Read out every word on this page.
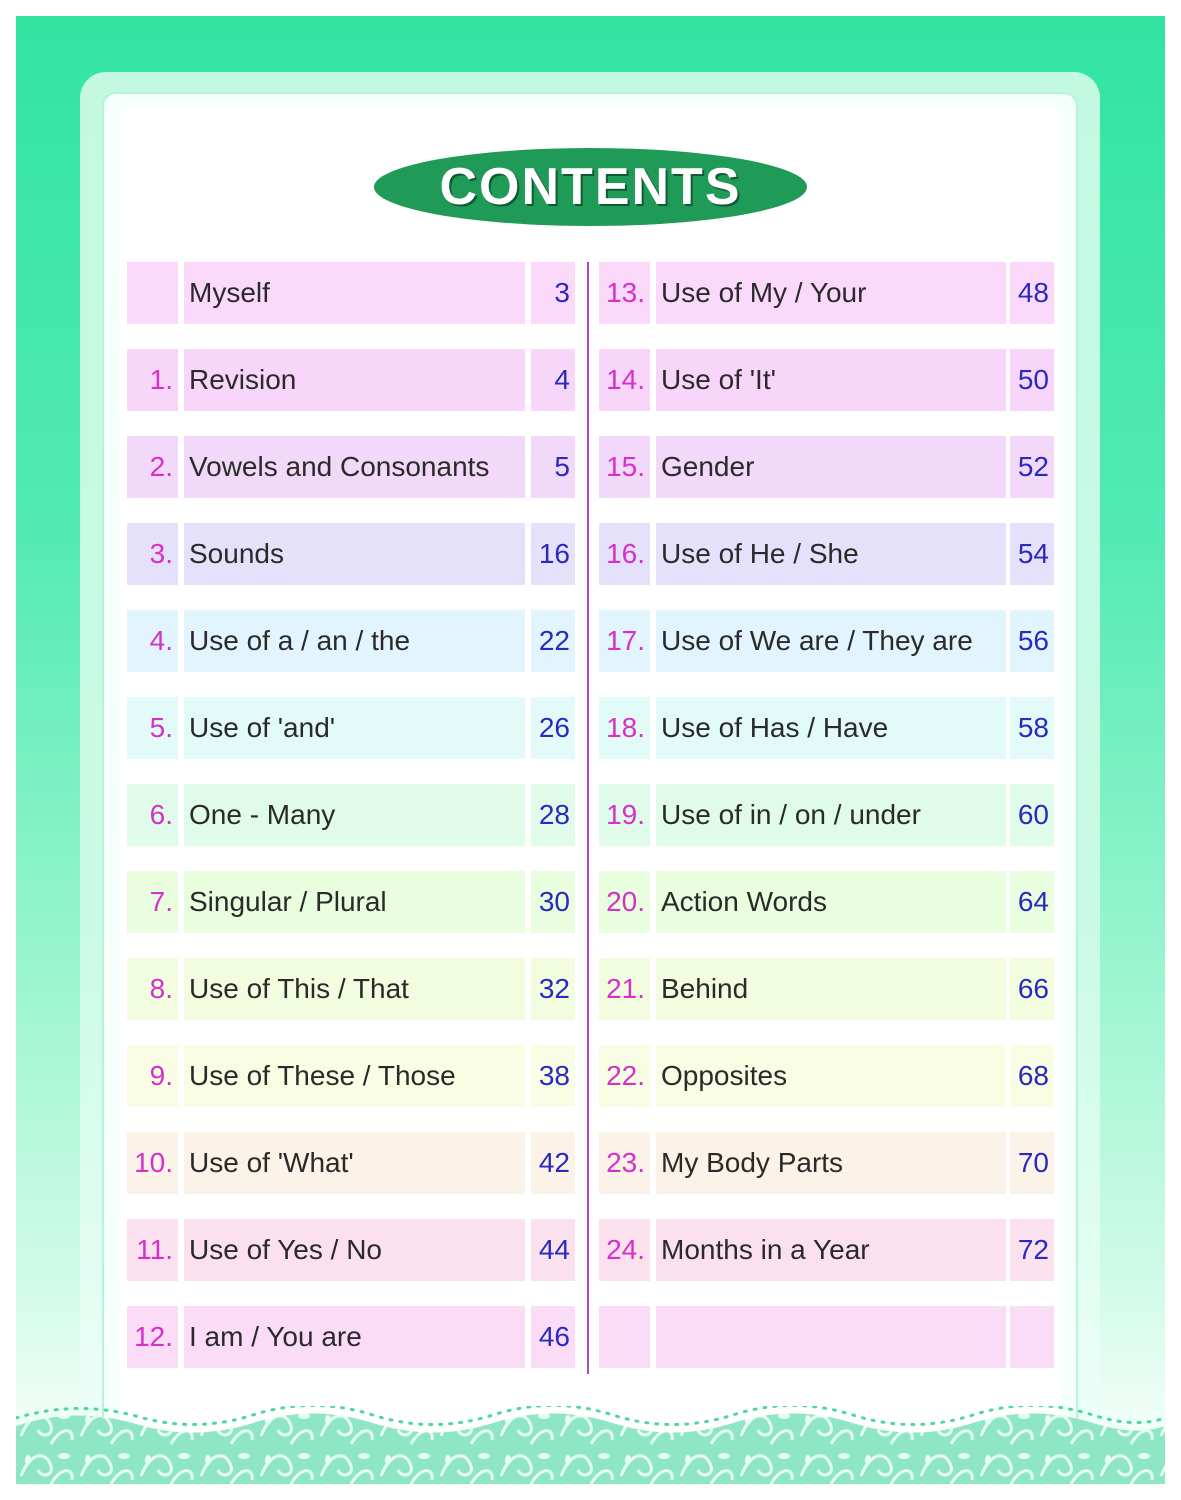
CONTENTS
Myself	3
1. Revision	4
2. Vowels and Consonants	5
3. Sounds	16
4. Use of a / an / the	22
5. Use of 'and'	26
6. One - Many	28
7. Singular / Plural	30
8. Use of This / That	32
9. Use of These / Those	38
10. Use of 'What'	42
11. Use of Yes / No	44
12. I am / You are	46
13. Use of My / Your	48
14. Use of 'It'	50
15. Gender	52
16. Use of He / She	54
17. Use of We are / They are	56
18. Use of Has / Have	58
19. Use of in / on / under	60
20. Action Words	64
21. Behind	66
22. Opposites	68
23. My Body Parts	70
24. Months in a Year	72
